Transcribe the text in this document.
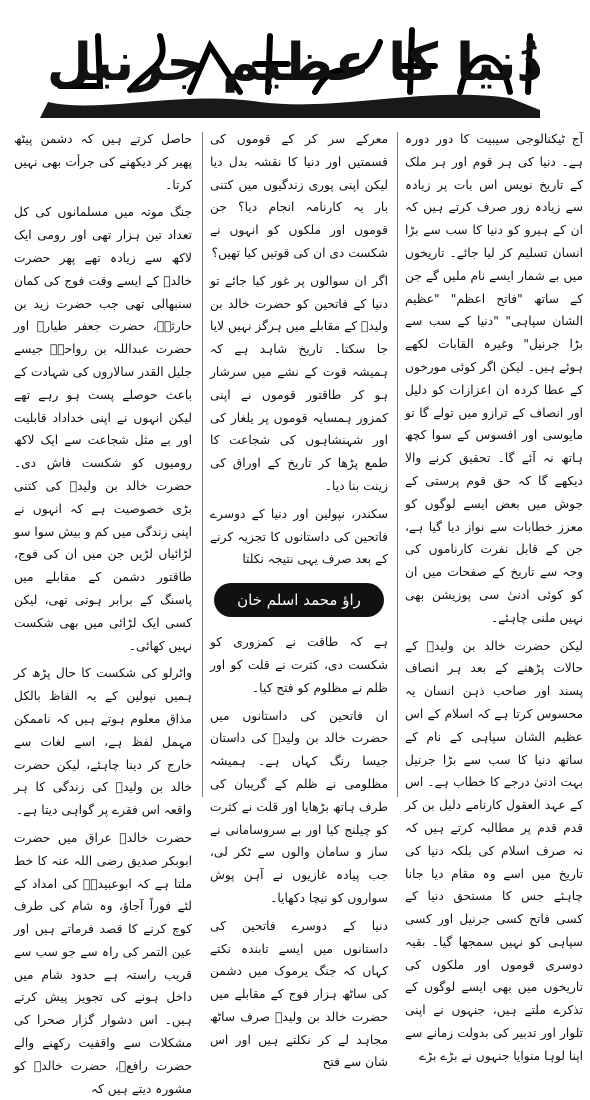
دُنیا کا عظیم جرنیل

آج ٹیکنالوجی سیبیت کا دور دورہ ہے۔ دنیا کی ہر قوم اور ہر ملک کے تاریخ نویس اس بات پر زیادہ سے زیادہ زور صرف کرتے ہیں کہ ان کے ہیرو کو دنیا کا سب سے بڑا انسان تسلیم کر لیا جائے۔ تاریخوں میں بے شمار ایسے نام ملیں گے جن کے ساتھ "فاتح اعظم" "عظیم الشان سپاہی" "دنیا کے سب سے بڑا جرنیل" وغیرہ القابات لکھے ہوئے ہیں۔ لیکن اگر کوئی مورخوں کے عطا کردہ ان اعزازات کو دلیل اور انصاف کے ترازو میں تولے گا تو مایوسی اور افسوس کے سوا کچھ ہاتھ نہ آئے گا۔ تحقیق کرنے والا دیکھے گا کہ حق قوم پرستی کے جوش میں بعض ایسے لوگوں کو معزز خطابات سے نواز دیا گیا ہے، جن کے قابل نفرت کارناموں کی وجہ سے تاریخ کے صفحات میں ان کو کوئی ادنیٰ سی پوزیشن بھی نہیں ملنی چاہئے۔

لیکن حضرت خالد بن ولیدؓ کے حالات پڑھنے کے بعد ہر انصاف پسند اور صاحب ذہن انسان یہ محسوس کرتا ہے کہ اسلام کے اس عظیم الشان سپاہی کے نام کے ساتھ دنیا کا سب سے بڑا جرنیل بہت ادنیٰ درجے کا خطاب ہے۔ اس کے عہد العقول کارنامے دلیل بن کر قدم قدم پر مطالبہ کرتے ہیں کہ نہ صرف اسلام کی بلکہ دنیا کی تاریخ میں اسے وہ مقام دیا جانا چاہئے جس کا مستحق دنیا کے کسی فاتح کسی جرنیل اور کسی سپاہی کو نہیں سمجھا گیا۔ بقیہ دوسری قوموں اور ملکوں کی تاریخوں میں بھی ایسے لوگوں کے تذکرے ملتے ہیں، جنہوں نے اپنی تلوار اور تدبیر کی بدولت زمانے سے اپنا لوہا منوایا جنہوں نے بڑے بڑے

معرکے سر کر کے قوموں کی قسمتیں اور دنیا کا نقشہ بدل دیا لیکن اپنی پوری زندگیوں میں کتنی بار یہ کارنامہ انجام دیا؟ جن قوموں اور ملکوں کو انہوں نے شکست دی ان کی قوتیں کیا تھیں؟

اگر ان سوالوں پر غور کیا جائے تو دنیا کے فاتحین کو حضرت خالد بن ولیدؓ کے مقابلے میں ہرگز نہیں لایا جا سکتا۔ تاریخ شاہد ہے کہ ہمیشہ قوت کے نشے میں سرشار ہو کر طاقتور قوموں نے اپنی کمزور ہمسایہ قوموں پر یلغار کی اور شہنشاہوں کی شجاعت کا طمع پڑھا کر تاریخ کے اوراق کی زینت بنا دیا۔

سکندر، نپولین اور دنیا کے دوسرے فاتحین کی داستانوں کا تجزیہ کرنے کے بعد صرف یہی نتیجہ نکلتا

راؤ محمد اسلم خان

ہے کہ طاقت نے کمزوری کو شکست دی، کثرت نے قلت کو اور ظلم نے مظلوم کو فتح کیا۔

ان فاتحین کی داستانوں میں حضرت خالد بن ولیدؓ کی داستان جیسا رنگ کہاں ہے۔ ہمیشہ مظلومی نے ظلم کے گریبان کی طرف ہاتھ بڑھایا اور قلت نے کثرت کو چیلنج کیا اور بے سروسامانی نے ساز و سامان والوں سے ٹکر لی، جب پیادہ غازیوں نے آہن پوش سواروں کو نیچا دکھایا۔

دنیا کے دوسرے فاتحین کی داستانوں میں ایسے تابندہ نکتے کہاں کہ جنگ یرموک میں دشمن کی ساٹھ ہزار فوج کے مقابلے میں حضرت خالد بن ولیدؓ صرف ساٹھ مجاہد لے کر نکلتے ہیں اور اس شان سے فتح

حاصل کرتے ہیں کہ دشمن پیٹھ پھیر کر دیکھنے کی جرأت بھی نہیں کرتا۔

جنگ موتہ میں مسلمانوں کی کل تعداد تین ہزار تھی اور رومی ایک لاکھ سے زیادہ تھے پھر حضرت خالدؓ کے ایسے وقت فوج کی کمان سنبھالی تھی جب حضرت زید بن حارثہؓ، حضرت جعفر طیارؓ اور حضرت عبداللہ بن رواحہؓ جیسے جلیل القدر سالاروں کی شہادت کے باعث حوصلے پست ہو رہے تھے لیکن انہوں نے اپنی خداداد قابلیت اور بے مثل شجاعت سے ایک لاکھ رومیوں کو شکست فاش دی۔ حضرت خالد بن ولیدؓ کی کتنی بڑی خصوصیت ہے کہ انہوں نے اپنی زندگی میں کم و بیش سوا سو لڑائیاں لڑیں جن میں ان کی فوج، طاقتور دشمن کے مقابلے میں پاسنگ کے برابر ہوتی تھی، لیکن کسی ایک لڑائی میں بھی شکست نہیں کھائی۔

واٹرلو کی شکست کا حال پڑھ کر ہمیں نپولین کے یہ الفاظ بالکل مذاق معلوم ہوتے ہیں کہ ناممکن مہمل لفظ ہے، اسے لغات سے خارج کر دینا چاہئے، لیکن حضرت خالد بن ولیدؓ کی زندگی کا ہر واقعہ اس فقرے پر گواہی دیتا ہے۔

حضرت خالدؓ عراق میں حضرت ابوبکر صدیق رضی اللہ عنہ کا خط ملتا ہے کہ ابوعبیدہؓ کی امداد کے لئے فوراً آجاؤ، وہ شام کی طرف کوچ کرنے کا قصد فرماتے ہیں اور عین التمر کی راہ سے جو سب سے قریب راستہ ہے حدود شام میں داخل ہونے کی تجویز پیش کرتے ہیں۔ اس دشوار گزار صحرا کی مشکلات سے واقفیت رکھنے والے حضرت رافعؓ، حضرت خالدؓ کو مشورہ دیتے ہیں کہ
